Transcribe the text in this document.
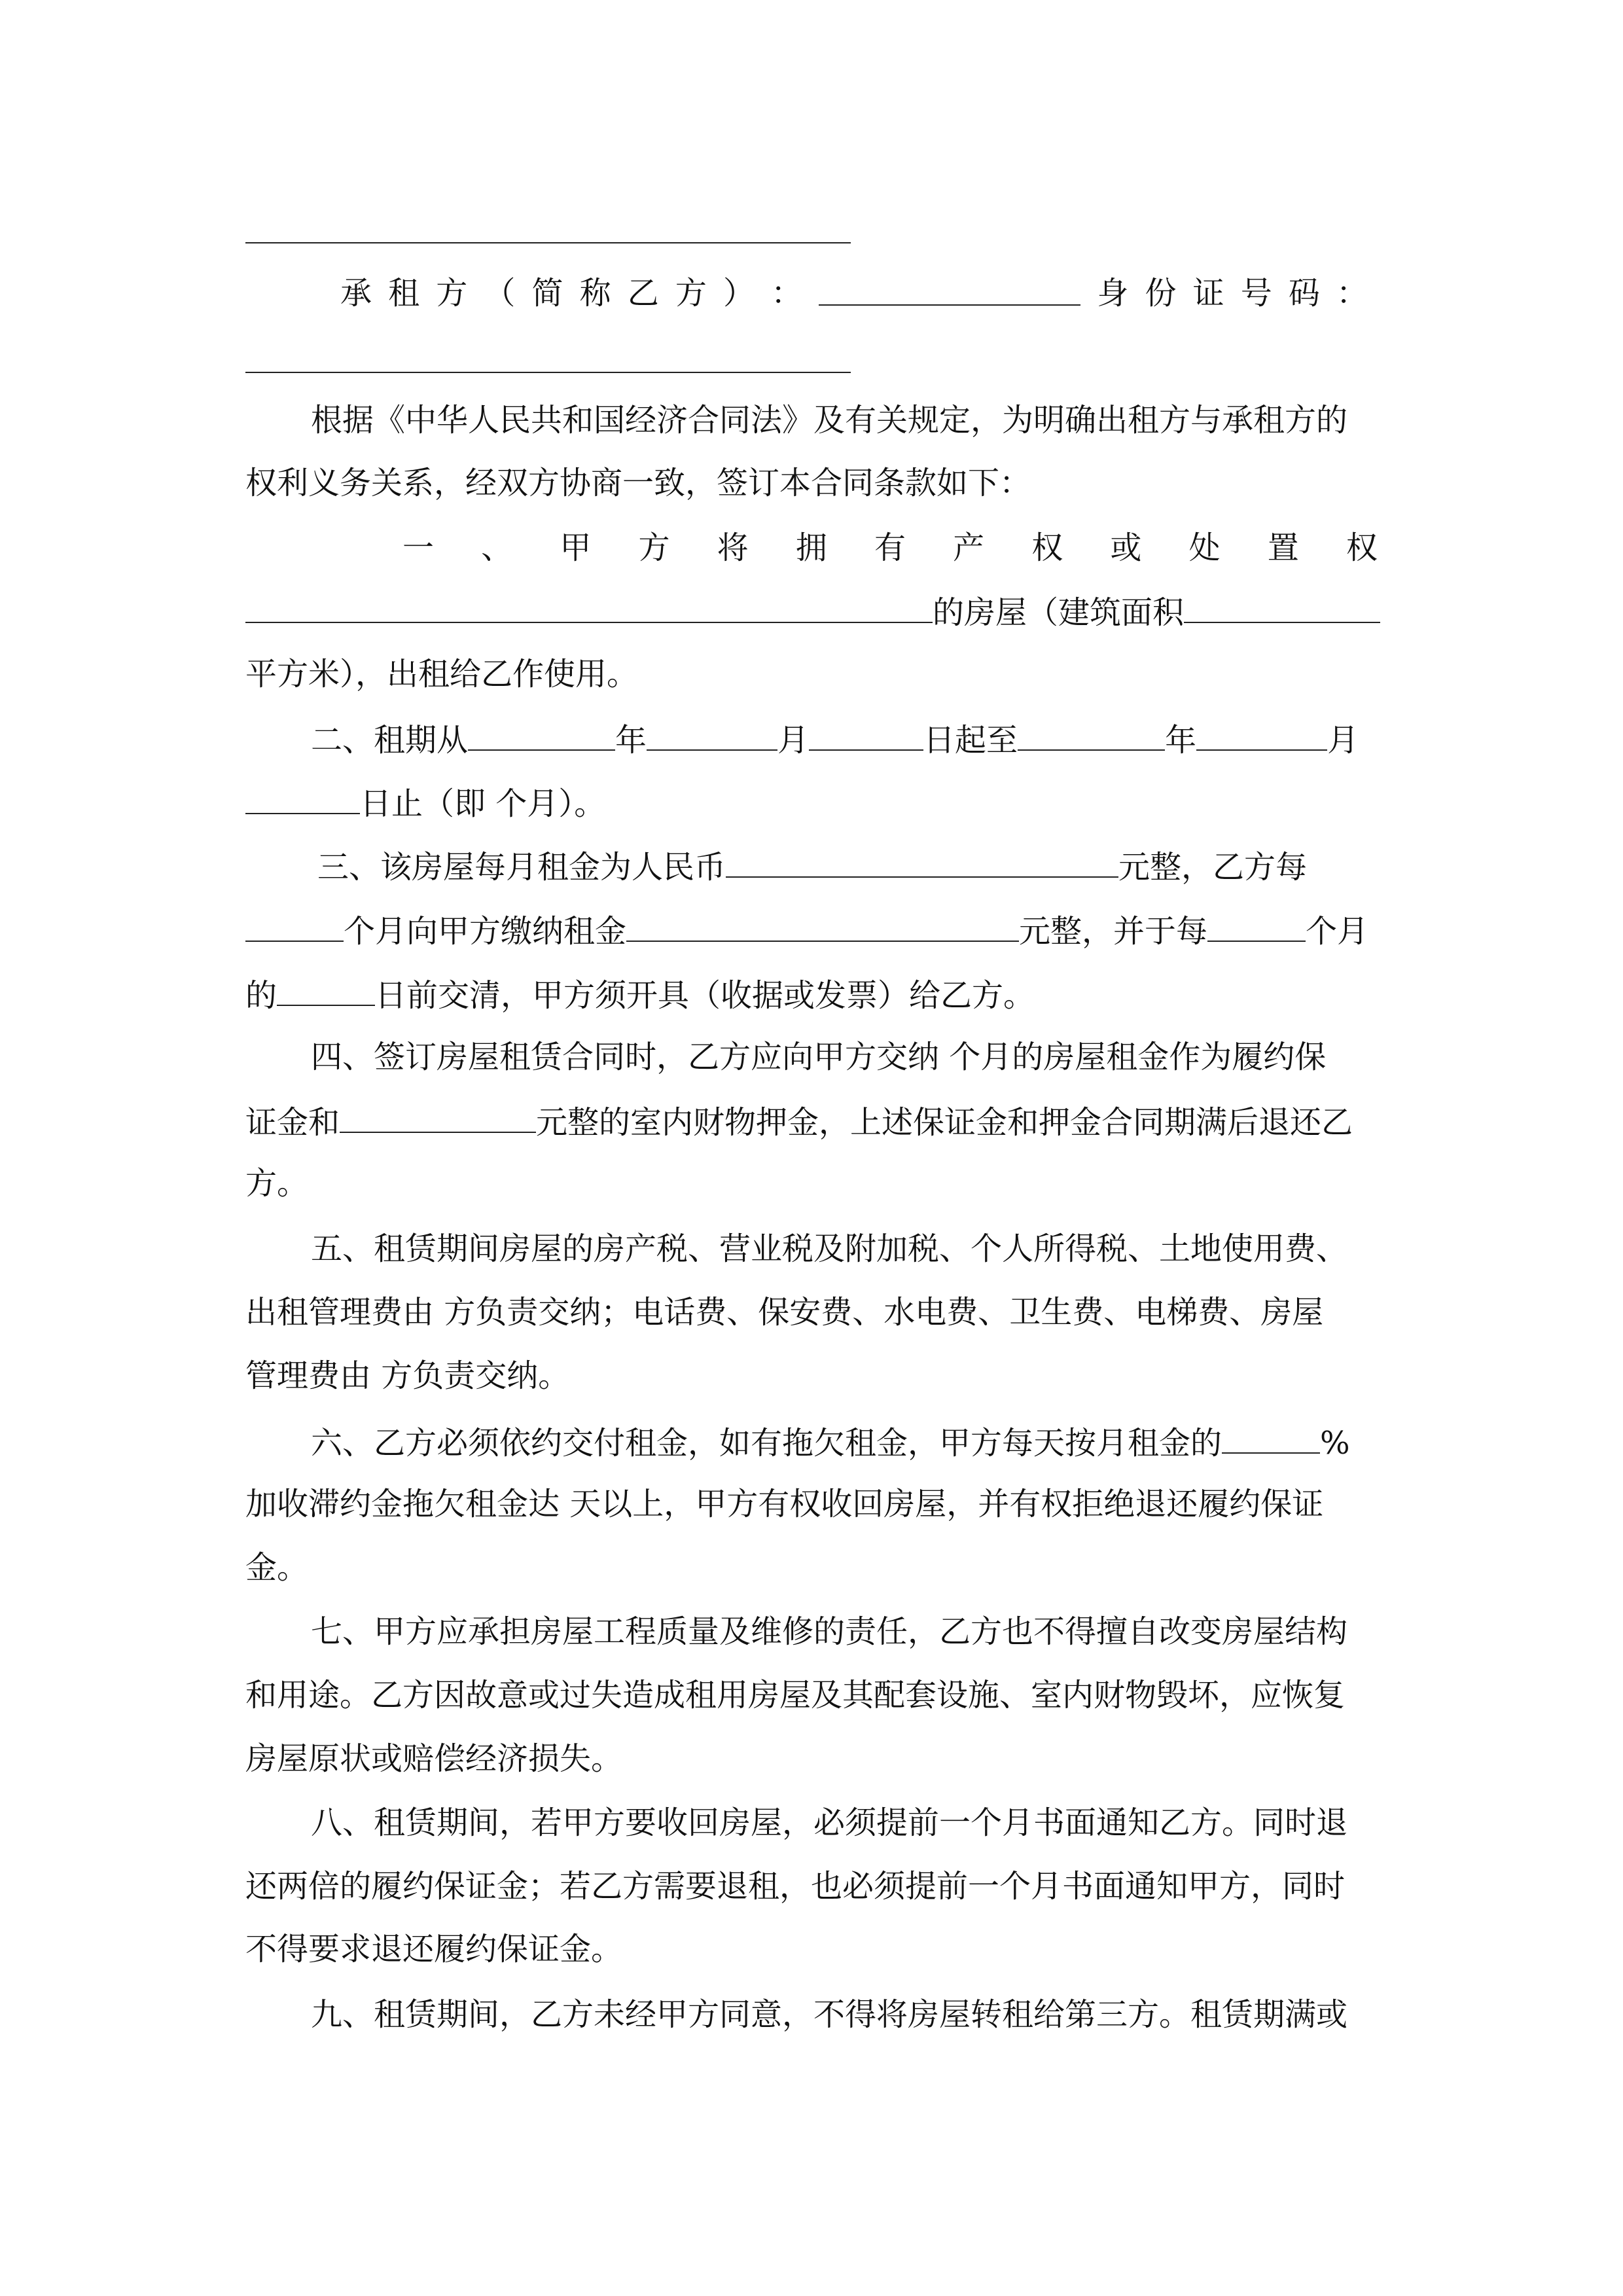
承 租 方 （ 简 称 乙 方 ） ：	身 份 证 号 码 ：
根据《中华人民共和国经济合同法》及有关规定，为明确出租方与承租方的
权利义务关系，经双方协商一致，签订本合同条款如下：
一 、 甲 方 将 拥 有 产 权 或 处 置 权
的房屋（建筑面积
平方米），出租给乙作使用。
二、租期从	年	月	日起至	年	月
日止（即 个月）。
三、该房屋每月租金为人民币	元整，乙方每
个月向甲方缴纳租金	元整，并于每	个月
的	日前交清，甲方须开具（收据或发票）给乙方。
四、签订房屋租赁合同时，乙方应向甲方交纳 个月的房屋租金作为履约保
证金和	元整的室内财物押金，上述保证金和押金合同期满后退还乙
方。
五、租赁期间房屋的房产税、营业税及附加税、个人所得税、土地使用费、
出租管理费由 方负责交纳；电话费、保安费、水电费、卫生费、电梯费、房屋
管理费由 方负责交纳。
六、乙方必须依约交付租金，如有拖欠租金，甲方每天按月租金的	%
加收滞约金拖欠租金达 天以上，甲方有权收回房屋，并有权拒绝退还履约保证
金。
七、甲方应承担房屋工程质量及维修的责任，乙方也不得擅自改变房屋结构
和用途。乙方因故意或过失造成租用房屋及其配套设施、室内财物毁坏，应恢复
房屋原状或赔偿经济损失。
八、租赁期间，若甲方要收回房屋，必须提前一个月书面通知乙方。同时退
还两倍的履约保证金；若乙方需要退租，也必须提前一个月书面通知甲方，同时
不得要求退还履约保证金。
九、租赁期间，乙方未经甲方同意，不得将房屋转租给第三方。租赁期满或
